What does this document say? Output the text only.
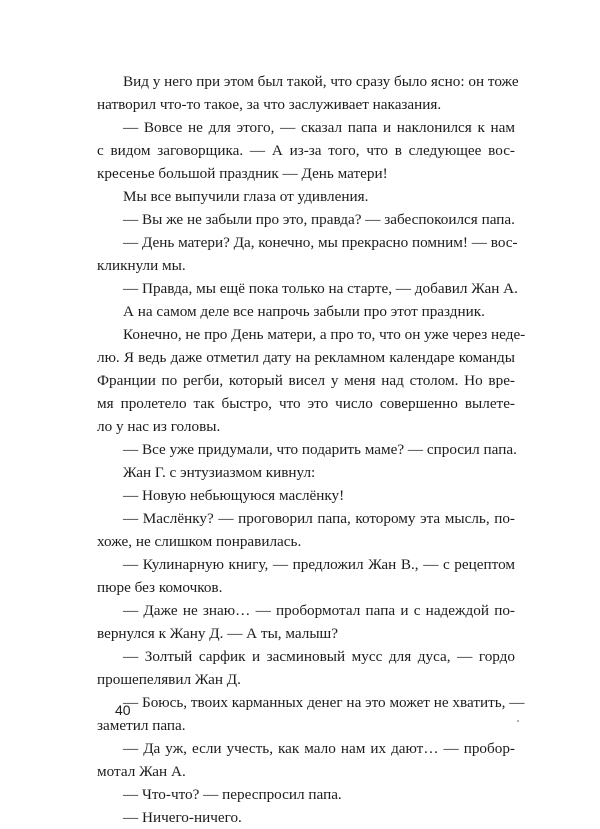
Вид у него при этом был такой, что сразу было ясно: он тоже
натворил что-то такое, за что заслуживает наказания.
— Вовсе не для этого, — сказал папа и наклонился к нам
с видом заговорщика. — А из-за того, что в следующее вос-
кресенье большой праздник — День матери!
Мы все выпучили глаза от удивления.
— Вы же не забыли про это, правда? — забеспокоился папа.
— День матери? Да, конечно, мы прекрасно помним! — вос-
кликнули мы.
— Правда, мы ещё пока только на старте, — добавил Жан А.
А на самом деле все напрочь забыли про этот праздник.
Конечно, не про День матери, а про то, что он уже через неде-
лю. Я ведь даже отметил дату на рекламном календаре команды
Франции по регби, который висел у меня над столом. Но вре-
мя пролетело так быстро, что это число совершенно вылете-
ло у нас из головы.
— Все уже придумали, что подарить маме? — спросил папа.
Жан Г. с энтузиазмом кивнул:
— Новую небьющуюся маслёнку!
— Маслёнку? — проговорил папа, которому эта мысль, по-
хоже, не слишком понравилась.
— Кулинарную книгу, — предложил Жан В., — с рецептом
пюре без комочков.
— Даже не знаю… — пробормотал папа и с надеждой по-
вернулся к Жану Д. — А ты, малыш?
— Золтый сарфик и засминовый мусс для дуса, — гордо
прошепелявил Жан Д.
— Боюсь, твоих карманных денег на это может не хватить, —
заметил папа.
— Да уж, если учесть, как мало нам их дают… — пробор-
мотал Жан А.
— Что-что? — переспросил папа.
— Ничего-ничего.
40
